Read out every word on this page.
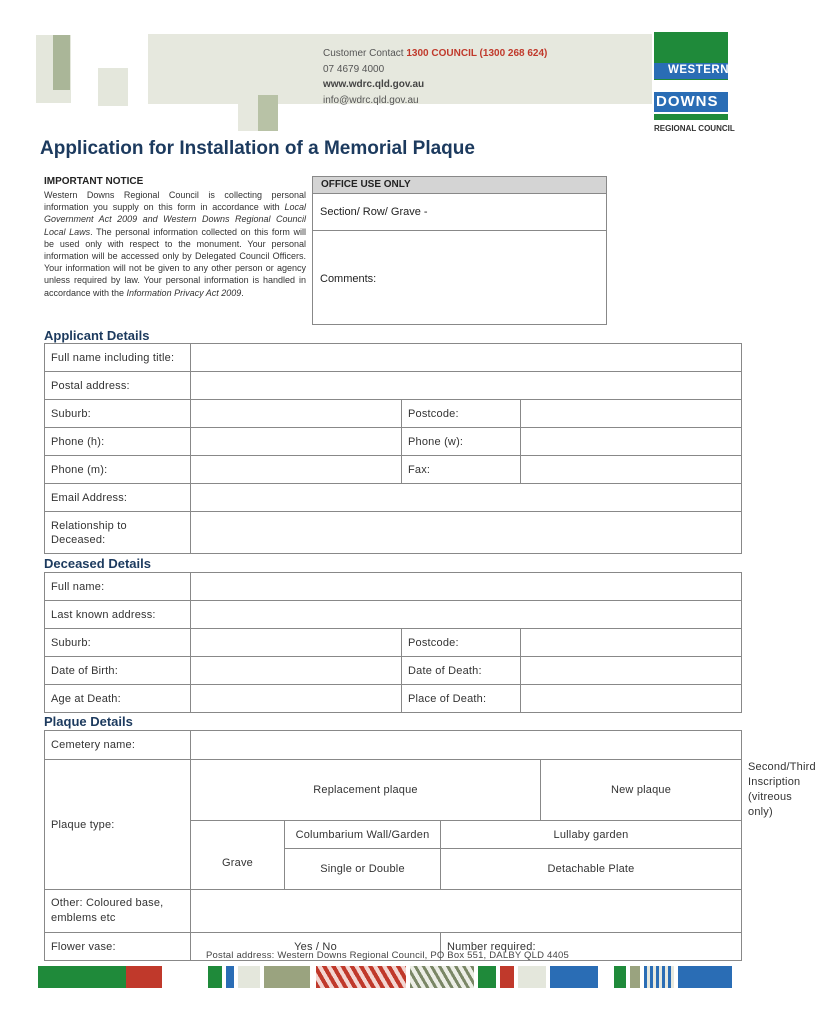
Customer Contact 1300 COUNCIL (1300 268 624)
07 4679 4000
www.wdrc.qld.gov.au
info@wdrc.qld.gov.au
WESTERN
DOWNS
REGIONAL COUNCIL
Application for Installation of a Memorial Plaque
IMPORTANT NOTICE
Western Downs Regional Council is collecting personal information you supply on this form in accordance with Local Government Act 2009 and Western Downs Regional Council Local Laws. The personal information collected on this form will be used only with respect to the monument. Your personal information will be accessed only by Delegated Council Officers. Your information will not be given to any other person or agency unless required by law. Your personal information is handled in accordance with the Information Privacy Act 2009.
OFFICE USE ONLY
Section/ Row/ Grave -
Comments:
Applicant Details
Full name including title:			
Postal address:			
Suburb:		Postcode:	
Phone (h):		Phone (w):	
Phone (m):		Fax:	
Email Address:			
Relationship to Deceased:			
Deceased Details
Full name:			
Last known address:			
Suburb:		Postcode:	
Date of Birth:		Date of Death:	
Age at Death:		Place of Death:	
Plaque Details
Cemetery name:					
Plaque type:	Replacement plaque			New plaque	Second/Third Inscription (vitreous only)
	Grave	Columbarium Wall/Garden	Lullaby garden		
		Single or Double	Detachable Plate		
Other: Coloured base, emblems etc					
Flower vase:	Yes / No		Number required:		
Postal address: Western Downs Regional Council, PO Box 551, DALBY QLD 4405
